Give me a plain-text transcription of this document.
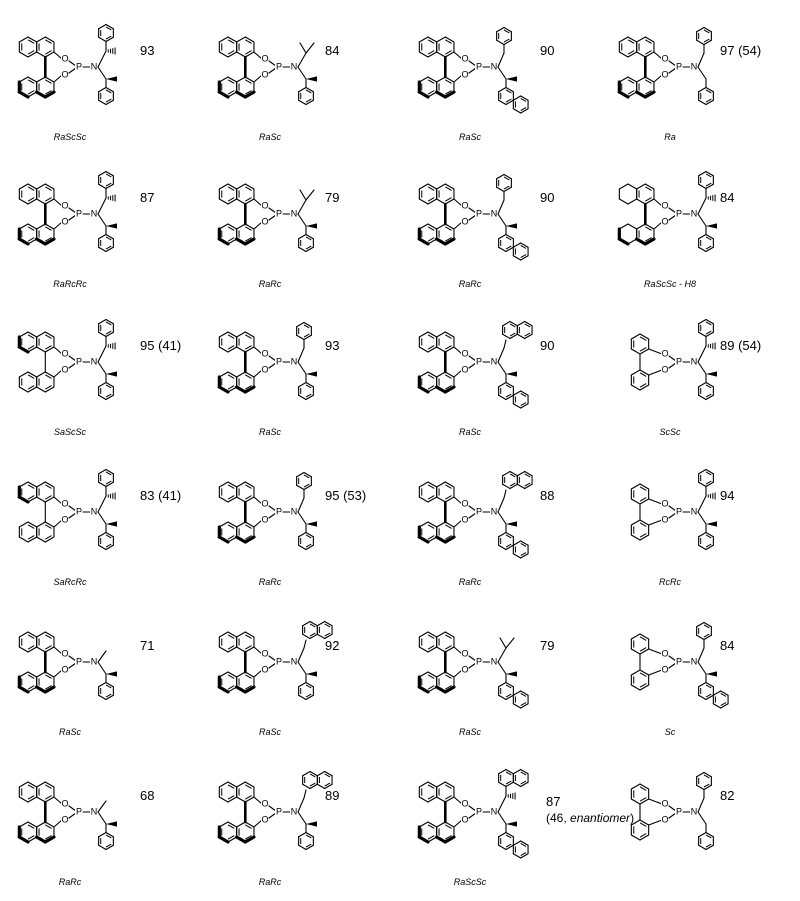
O
O
P N
93
RaScSc
O
O
P N
84
RaSc
O
O
P N
90
RaSc
O
O
P N
97 (54)
Ra
O
O
P N
87
RaRcRc
O
O
P N
79
RaRc
O
O
P N
90
RaRc
O
O
P N
84
RaScSc - H8
O
O
P N
95 (41)
SaScSc
O
O
P N
93
RaSc
O
O
P N
90
RaSc
O
O
P N
89 (54)
ScSc
O
O
P N
83 (41)
SaRcRc
O
O
P N
95 (53)
RaRc
O
O
P N
88
RaRc
O
O
P N
94
RcRc
O
O
P N
71
RaSc
O
O
P N
92
RaSc
O
O
P N
79
RaSc
O
O
P N
84
Sc
O
O
P N
68
RaRc
O
O
P N
89
RaRc
O
O
P N
87
(46, enantiomer)
RaScSc
O
O
P N
82
